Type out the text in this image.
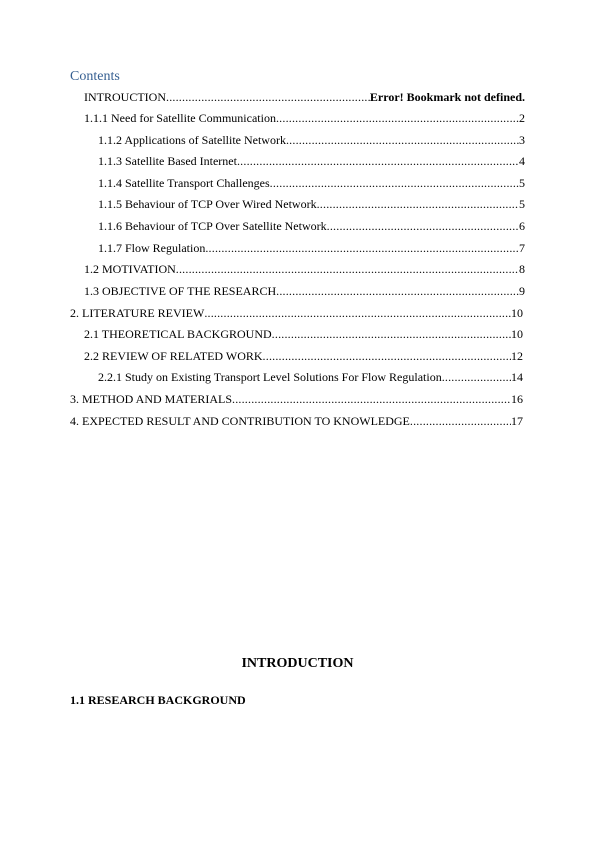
Contents
INTROUCTION .....	Error! Bookmark not defined.
1.1.1 Need for Satellite Communication .....	2
1.1.2 Applications of Satellite Network .....	3
1.1.3 Satellite Based Internet .....	4
1.1.4 Satellite Transport Challenges .....	5
1.1.5 Behaviour of TCP Over Wired Network .....	5
1.1.6 Behaviour of TCP Over Satellite Network .....	6
1.1.7 Flow Regulation .....	7
1.2 MOTIVATION .....	8
1.3 OBJECTIVE OF THE RESEARCH .....	9
2. LITERATURE REVIEW .....	10
2.1 THEORETICAL BACKGROUND .....	10
2.2 REVIEW OF RELATED WORK .....	12
2.2.1 Study on Existing Transport Level Solutions For Flow Regulation .....	14
3. METHOD AND MATERIALS .....	16
4. EXPECTED RESULT AND CONTRIBUTION TO KNOWLEDGE .....	17
INTRODUCTION
1.1 RESEARCH BACKGROUND
